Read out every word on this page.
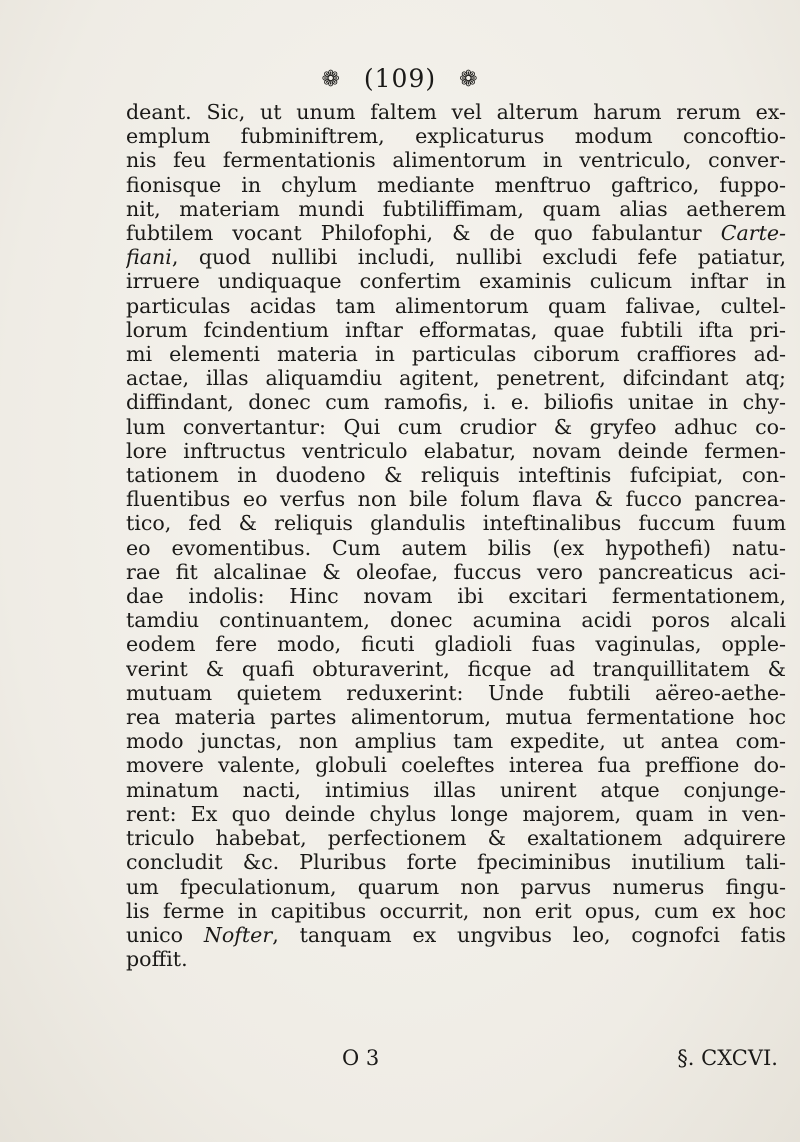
❁ (109) ❁
deant. Sic, ut unum faltem vel alterum harum rerum ex-
emplum fubminiftrem, explicaturus modum concoftio-
nis feu fermentationis alimentorum in ventriculo, conver-
fionisque in chylum mediante menftruo gaftrico, fuppo-
nit, materiam mundi fubtiliffimam, quam alias aetherem
fubtilem vocant Philofophi, & de quo fabulantur Carte-
fiani, quod nullibi includi, nullibi excludi fefe patiatur,
irruere undiquaque confertim examinis culicum inftar in
particulas acidas tam alimentorum quam falivae, cultel-
lorum fcindentium inftar efformatas, quae fubtili ifta pri-
mi elementi materia in particulas ciborum craffiores ad-
actae, illas aliquamdiu agitent, penetrent, difcindant atq;
diffindant, donec cum ramofis, i. e. biliofis unitae in chy-
lum convertantur: Qui cum crudior & gryfeo adhuc co-
lore inftructus ventriculo elabatur, novam deinde fermen-
tationem in duodeno & reliquis inteftinis fufcipiat, con-
fluentibus eo verfus non bile folum flava & fucco pancrea-
tico, fed & reliquis glandulis inteftinalibus fuccum fuum
eo evomentibus. Cum autem bilis (ex hypothefi) natu-
rae fit alcalinae & oleofae, fuccus vero pancreaticus aci-
dae indolis: Hinc novam ibi excitari fermentationem,
tamdiu continuantem, donec acumina acidi poros alcali
eodem fere modo, ficuti gladioli fuas vaginulas, opple-
verint & quafi obturaverint, ficque ad tranquillitatem &
mutuam quietem reduxerint: Unde fubtili aëreo-aethe-
rea materia partes alimentorum, mutua fermentatione hoc
modo junctas, non amplius tam expedite, ut antea com-
movere valente, globuli coeleftes interea fua preffione do-
minatum nacti, intimius illas unirent atque conjunge-
rent: Ex quo deinde chylus longe majorem, quam in ven-
triculo habebat, perfectionem & exaltationem adquirere
concludit &c. Pluribus forte fpeciminibus inutilium tali-
um fpeculationum, quarum non parvus numerus fingu-
lis ferme in capitibus occurrit, non erit opus, cum ex hoc
unico Nofter, tanquam ex ungvibus leo, cognofci fatis
poffit.
O 3	§. CXCVI.
